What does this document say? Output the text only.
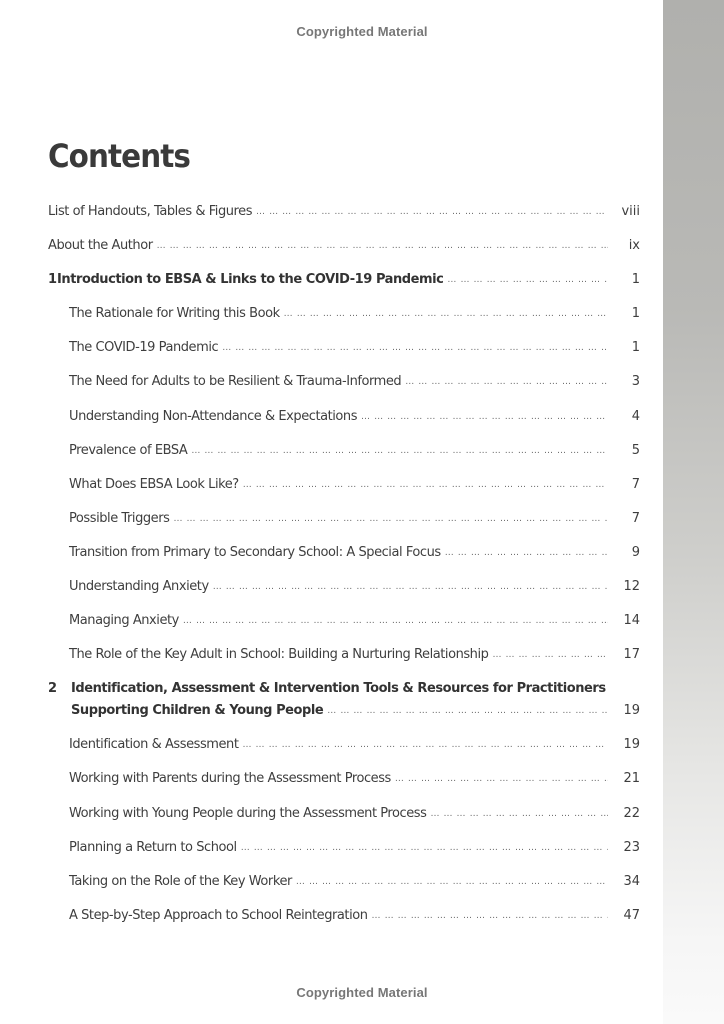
Copyrighted Material
Contents
List of Handouts, Tables & Figures … … … … … … … … … … … … … … … … … … … … … … … … … … … … … … … … … … … … … … … … … … … … … … … … … … … … …	viii
About the Author … … … … … … … … … … … … … … … … … … … … … … … … … … … … … … … … … … … … … … … … … … … … … … … … … … … … …	ix
1 Introduction to EBSA & Links to the COVID-19 Pandemic … … … … … … … … … … … … … … … … … … … … … … … … … … … … … … … … … … … … … … … … … … … … … … … … … … … … …	1
The Rationale for Writing this Book … … … … … … … … … … … … … … … … … … … … … … … … … … … … … … … … … … … … … … … … … … … … … … … … … … … … …	1
The COVID-19 Pandemic … … … … … … … … … … … … … … … … … … … … … … … … … … … … … … … … … … … … … … … … … … … … … … … … … … … … …	1
The Need for Adults to be Resilient & Trauma-Informed … … … … … … … … … … … … … … … … … … … … … … … … … … … … … … … … … … … … … … … … … … … … … … … … … … … … …	3
Understanding Non-Attendance & Expectations … … … … … … … … … … … … … … … … … … … … … … … … … … … … … … … … … … … … … … … … … … … … … … … … … … … … …	4
Prevalence of EBSA … … … … … … … … … … … … … … … … … … … … … … … … … … … … … … … … … … … … … … … … … … … … … … … … … … … … …	5
What Does EBSA Look Like? … … … … … … … … … … … … … … … … … … … … … … … … … … … … … … … … … … … … … … … … … … … … … … … … … … … … …	7
Possible Triggers … … … … … … … … … … … … … … … … … … … … … … … … … … … … … … … … … … … … … … … … … … … … … … … … … … … … …	7
Transition from Primary to Secondary School: A Special Focus … … … … … … … … … … … … … … … … … … … … … … … … … … … … … … … … … … … … … … … … … … … … … … … … … … … … …	9
Understanding Anxiety … … … … … … … … … … … … … … … … … … … … … … … … … … … … … … … … … … … … … … … … … … … … … … … … … … … … …	12
Managing Anxiety … … … … … … … … … … … … … … … … … … … … … … … … … … … … … … … … … … … … … … … … … … … … … … … … … … … … …	14
The Role of the Key Adult in School: Building a Nurturing Relationship … … … … … … … … … … … … … … … … … … … … … … … … … … … … … … … … … … … … … … … … … … … … … … … … … … … … …	17
2	Identification, Assessment & Intervention Tools & Resources for Practitioners
Supporting Children & Young People … … … … … … … … … … … … … … … … … … … … … … … … … … … … … … … … … … … … … … … … … … … … … … … … … … … … …	19
Identification & Assessment … … … … … … … … … … … … … … … … … … … … … … … … … … … … … … … … … … … … … … … … … … … … … … … … … … … … …	19
Working with Parents during the Assessment Process … … … … … … … … … … … … … … … … … … … … … … … … … … … … … … … … … … … … … … … … … … … … … … … … … … … … …	21
Working with Young People during the Assessment Process … … … … … … … … … … … … … … … … … … … … … … … … … … … … … … … … … … … … … … … … … … … … … … … … … … … … …	22
Planning a Return to School … … … … … … … … … … … … … … … … … … … … … … … … … … … … … … … … … … … … … … … … … … … … … … … … … … … … …	23
Taking on the Role of the Key Worker … … … … … … … … … … … … … … … … … … … … … … … … … … … … … … … … … … … … … … … … … … … … … … … … … … … … …	34
A Step-by-Step Approach to School Reintegration … … … … … … … … … … … … … … … … … … … … … … … … … … … … … … … … … … … … … … … … … … … … … … … … … … … … …	47
Copyrighted Material
